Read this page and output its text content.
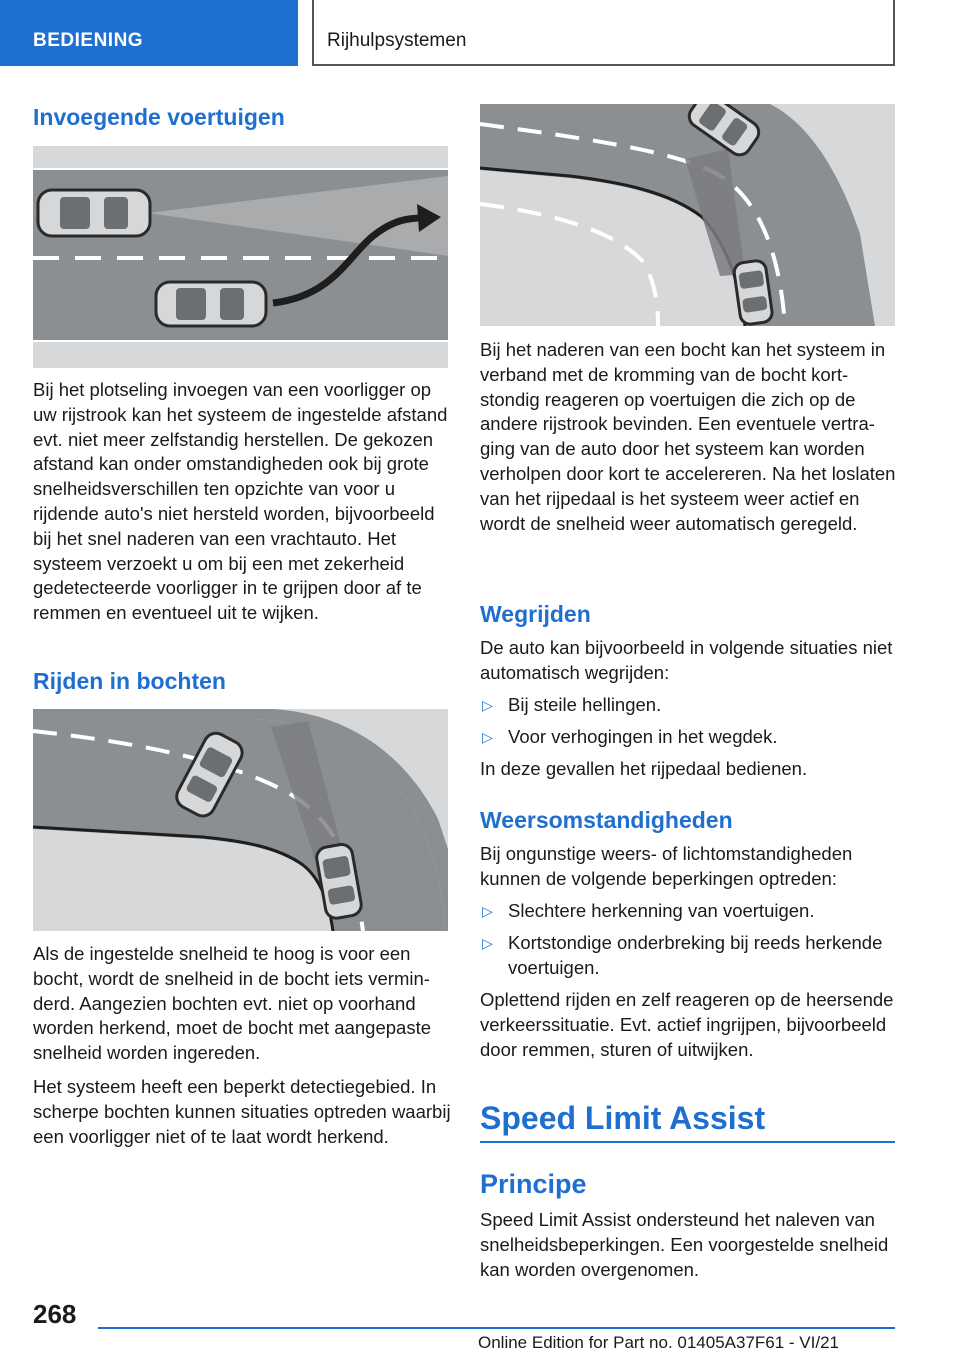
BEDIENING	Rijhulpsystemen
Invoegende voertuigen
Bij het plotseling invoegen van een voorligger op uw rijstrook kan het systeem de ingestelde afstand evt. niet meer zelfstandig herstellen. De gekozen afstand kan onder omstandigheden ook bij grote snelheidsverschillen ten opzichte van voor u rijdende auto's niet hersteld worden, bijvoorbeeld bij het snel naderen van een vrachtauto. Het systeem verzoekt u om bij een met zekerheid gedetecteerde voorligger in te grijpen door af te remmen en eventueel uit te wijken.
Rijden in bochten
Als de ingestelde snelheid te hoog is voor een bocht, wordt de snelheid in de bocht iets verminderd. Aangezien bochten evt. niet op voorhand worden herkend, moet de bocht met aangepaste snelheid worden ingereden.
Het systeem heeft een beperkt detectiegebied. In scherpe bochten kunnen situaties optreden waarbij een voorligger niet of te laat wordt herkend.
Bij het naderen van een bocht kan het systeem in verband met de kromming van de bocht kortstondig reageren op voertuigen die zich op de andere rijstrook bevinden. Een eventuele vertraging van de auto door het systeem kan worden verholpen door kort te accelereren. Na het loslaten van het rijpedaal is het systeem weer actief en wordt de snelheid weer automatisch geregeld.
Wegrijden
De auto kan bijvoorbeeld in volgende situaties niet automatisch wegrijden:
▷ Bij steile hellingen.
▷ Voor verhogingen in het wegdek.
In deze gevallen het rijpedaal bedienen.
Weersomstandigheden
Bij ongunstige weers- of lichtomstandigheden kunnen de volgende beperkingen optreden:
▷ Slechtere herkenning van voertuigen.
▷ Kortstondige onderbreking bij reeds herkende voertuigen.
Oplettend rijden en zelf reageren op de heersende verkeerssituatie. Evt. actief ingrijpen, bijvoorbeeld door remmen, sturen of uitwijken.
Speed Limit Assist
Principe
Speed Limit Assist ondersteund het naleven van snelheidsbeperkingen. Een voorgestelde snelheid kan worden overgenomen.
268
Online Edition for Part no. 01405A37F61 - VI/21
